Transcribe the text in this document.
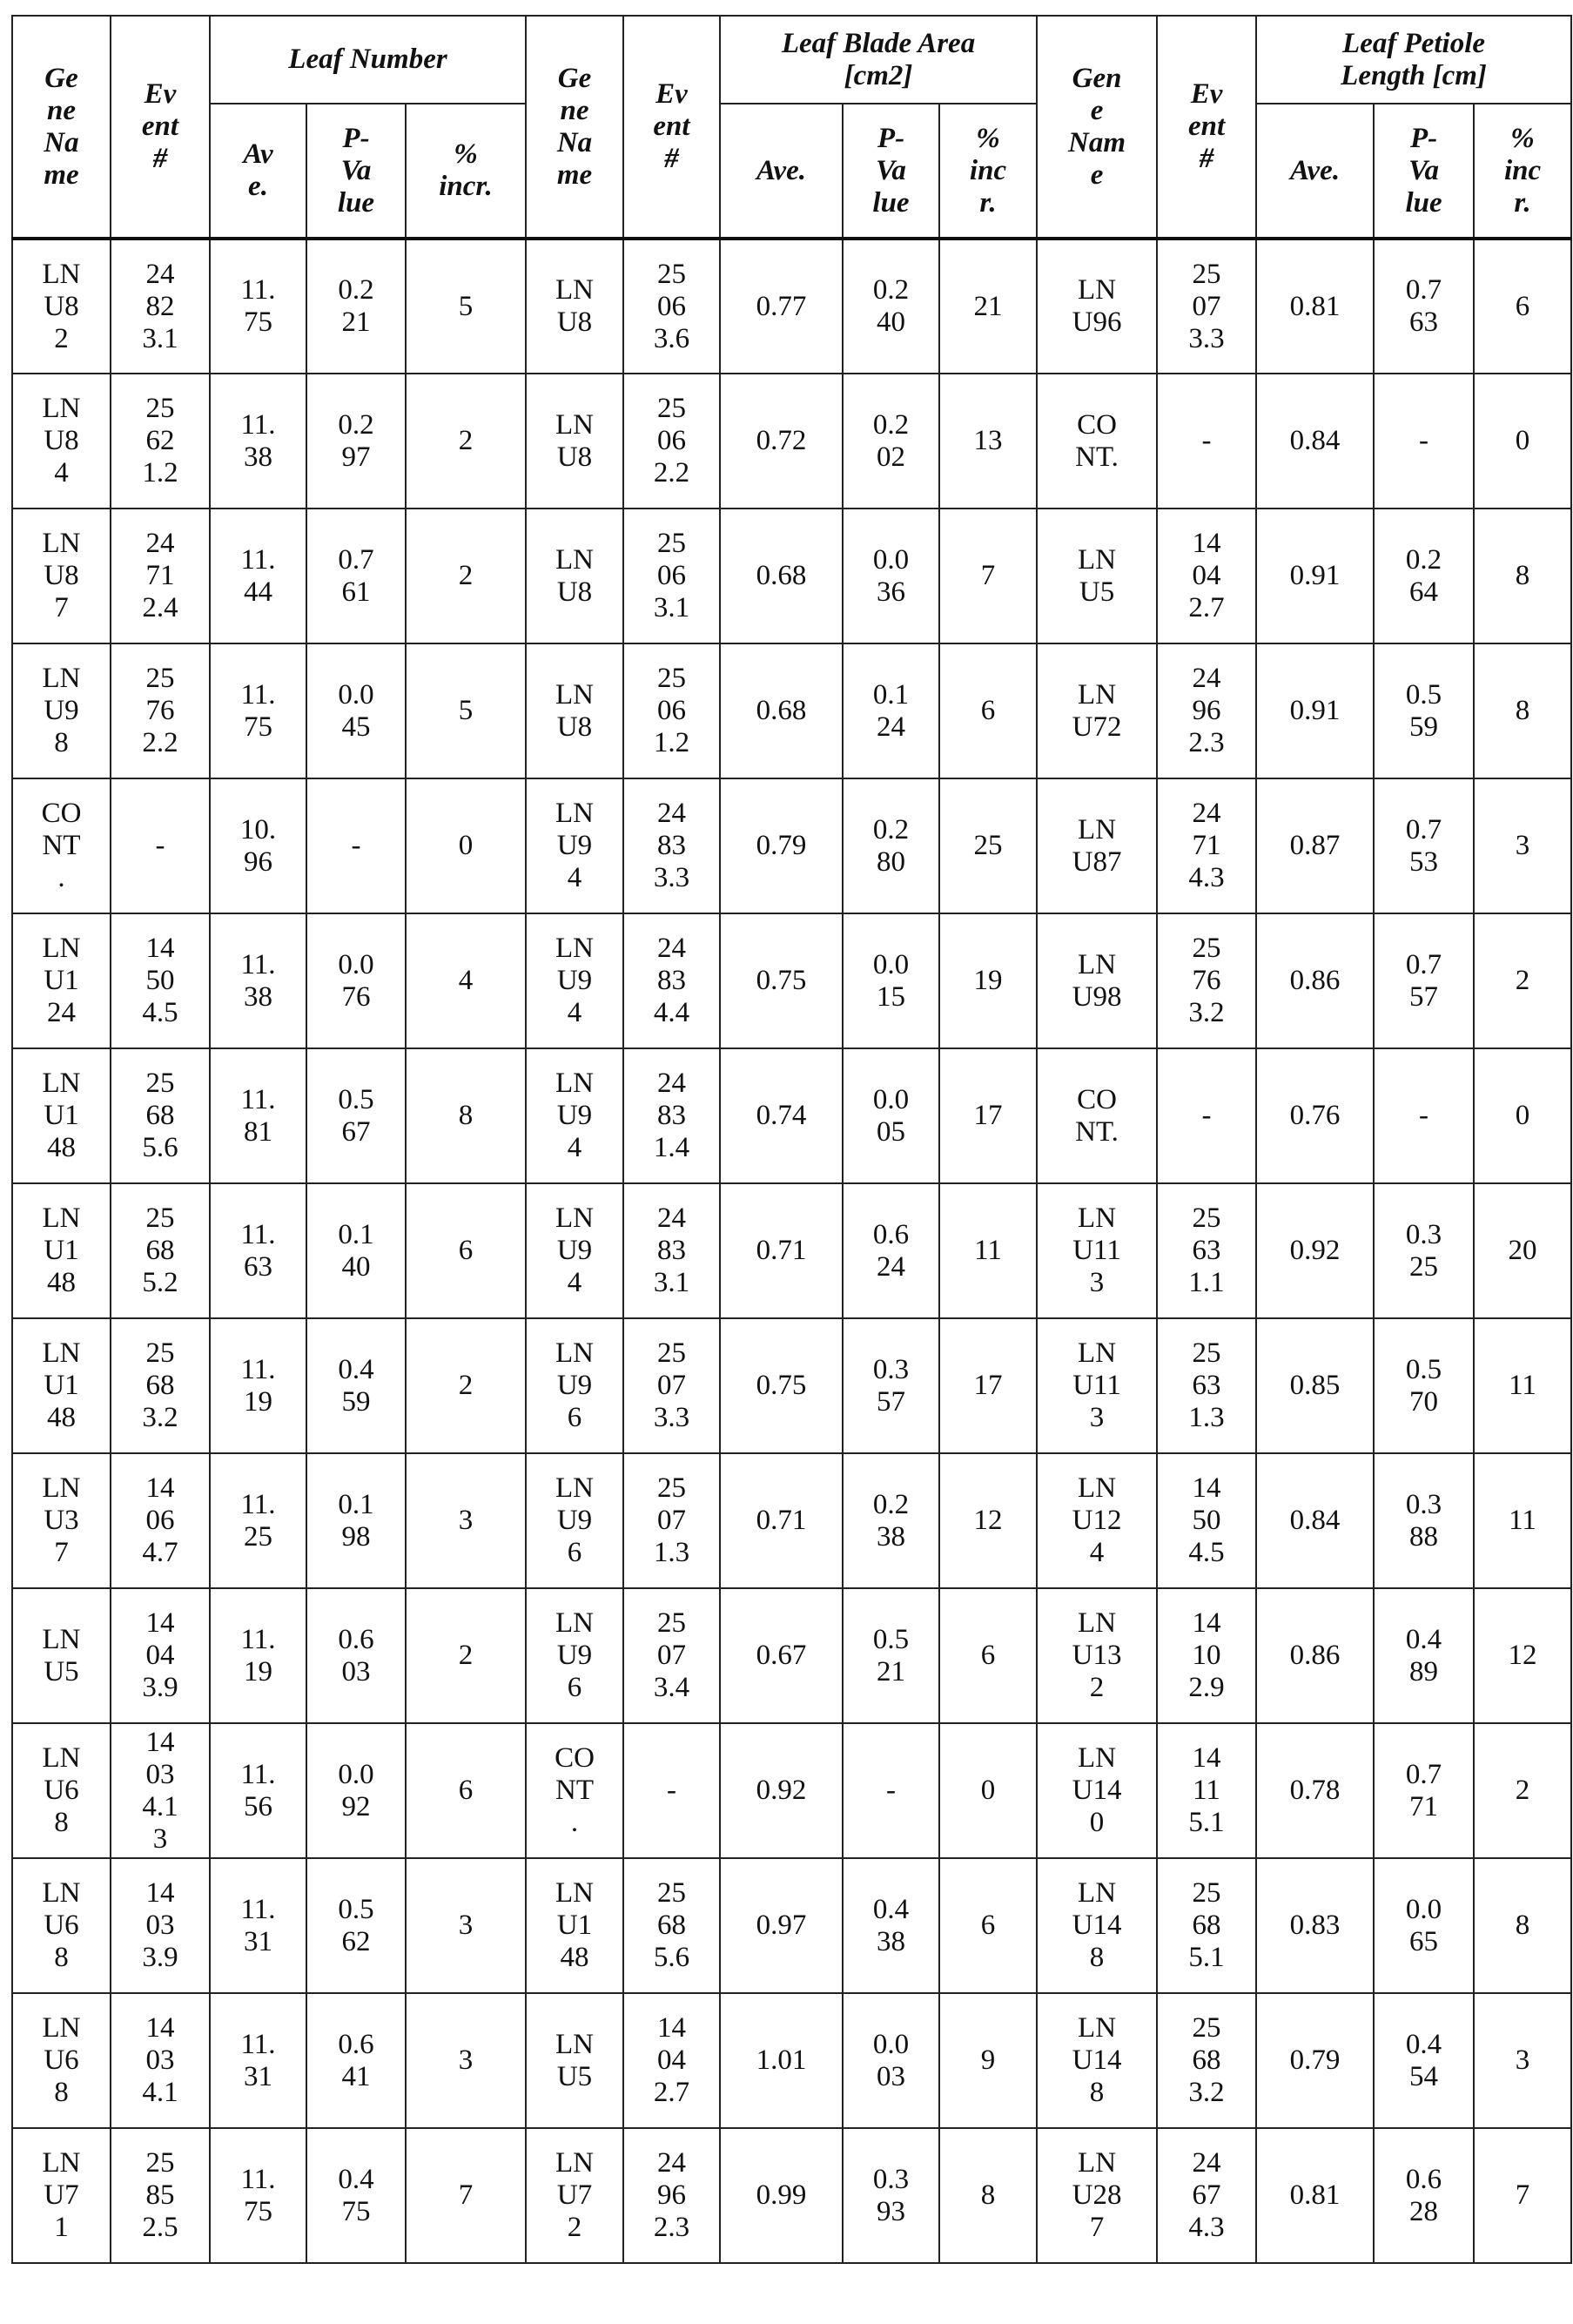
Ge
ne
Na
me	Ev
ent
#	Leaf Number	Ge
ne
Na
me	Ev
ent
#	Leaf Blade Area
[cm2]	Gen
e
Nam
e	Ev
ent
#	Leaf Petiole
Length [cm]
Av
e.	P-
Va
lue	%
incr.	Ave.	P-
Va
lue	%
inc
r.	Ave.	P-
Va
lue	%
inc
r.
LN
U8
2	24
82
3.1	11.
75	0.2
21	5	LN
U8	25
06
3.6	0.77	0.2
40	21	LN
U96	25
07
3.3	0.81	0.7
63	6
LN
U8
4	25
62
1.2	11.
38	0.2
97	2	LN
U8	25
06
2.2	0.72	0.2
02	13	CO
NT.	-	0.84	-	0
LN
U8
7	24
71
2.4	11.
44	0.7
61	2	LN
U8	25
06
3.1	0.68	0.0
36	7	LN
U5	14
04
2.7	0.91	0.2
64	8
LN
U9
8	25
76
2.2	11.
75	0.0
45	5	LN
U8	25
06
1.2	0.68	0.1
24	6	LN
U72	24
96
2.3	0.91	0.5
59	8
CO
NT
.	-	10.
96	-	0	LN
U9
4	24
83
3.3	0.79	0.2
80	25	LN
U87	24
71
4.3	0.87	0.7
53	3
LN
U1
24	14
50
4.5	11.
38	0.0
76	4	LN
U9
4	24
83
4.4	0.75	0.0
15	19	LN
U98	25
76
3.2	0.86	0.7
57	2
LN
U1
48	25
68
5.6	11.
81	0.5
67	8	LN
U9
4	24
83
1.4	0.74	0.0
05	17	CO
NT.	-	0.76	-	0
LN
U1
48	25
68
5.2	11.
63	0.1
40	6	LN
U9
4	24
83
3.1	0.71	0.6
24	11	LN
U11
3	25
63
1.1	0.92	0.3
25	20
LN
U1
48	25
68
3.2	11.
19	0.4
59	2	LN
U9
6	25
07
3.3	0.75	0.3
57	17	LN
U11
3	25
63
1.3	0.85	0.5
70	11
LN
U3
7	14
06
4.7	11.
25	0.1
98	3	LN
U9
6	25
07
1.3	0.71	0.2
38	12	LN
U12
4	14
50
4.5	0.84	0.3
88	11
LN
U5	14
04
3.9	11.
19	0.6
03	2	LN
U9
6	25
07
3.4	0.67	0.5
21	6	LN
U13
2	14
10
2.9	0.86	0.4
89	12
LN
U6
8	14
03
4.1
3	11.
56	0.0
92	6	CO
NT
.	-	0.92	-	0	LN
U14
0	14
11
5.1	0.78	0.7
71	2
LN
U6
8	14
03
3.9	11.
31	0.5
62	3	LN
U1
48	25
68
5.6	0.97	0.4
38	6	LN
U14
8	25
68
5.1	0.83	0.0
65	8
LN
U6
8	14
03
4.1	11.
31	0.6
41	3	LN
U5	14
04
2.7	1.01	0.0
03	9	LN
U14
8	25
68
3.2	0.79	0.4
54	3
LN
U7
1	25
85
2.5	11.
75	0.4
75	7	LN
U7
2	24
96
2.3	0.99	0.3
93	8	LN
U28
7	24
67
4.3	0.81	0.6
28	7
